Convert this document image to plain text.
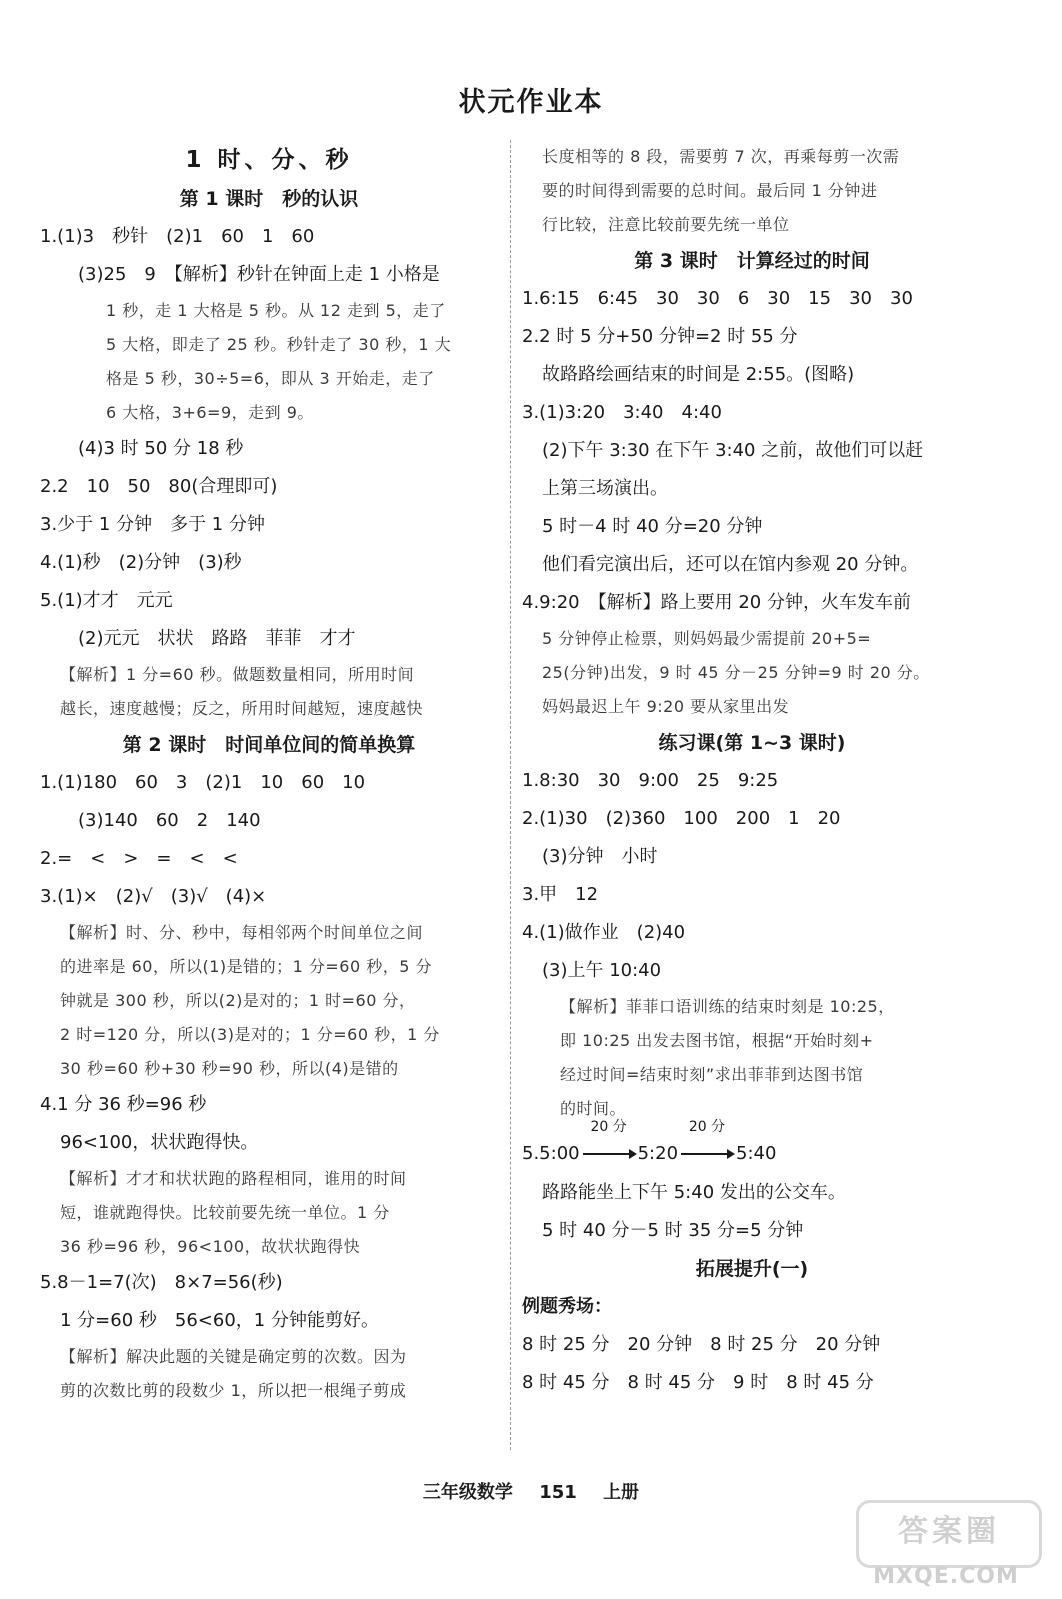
状元作业本
1 时、分、秒
第 1 课时　秒的认识
1.(1)3　秒针　(2)1　60　1　60
(3)25　9　【解析】秒针在钟面上走 1 小格是
1 秒，走 1 大格是 5 秒。从 12 走到 5，走了
5 大格，即走了 25 秒。秒针走了 30 秒，1 大
格是 5 秒，30÷5=6，即从 3 开始走，走了
6 大格，3+6=9，走到 9。
(4)3 时 50 分 18 秒
2.2　10　50　80(合理即可)
3.少于 1 分钟　多于 1 分钟
4.(1)秒　(2)分钟　(3)秒
5.(1)才才　元元
(2)元元　状状　路路　菲菲　才才
【解析】1 分=60 秒。做题数量相同，所用时间
越长，速度越慢；反之，所用时间越短，速度越快
第 2 课时　时间单位间的简单换算
1.(1)180　60　3　(2)1　10　60　10
(3)140　60　2　140
2.=　<　>　=　<　<
3.(1)×　(2)√　(3)√　(4)×
【解析】时、分、秒中，每相邻两个时间单位之间
的进率是 60，所以(1)是错的；1 分=60 秒，5 分
钟就是 300 秒，所以(2)是对的；1 时=60 分，
2 时=120 分，所以(3)是对的；1 分=60 秒，1 分
30 秒=60 秒+30 秒=90 秒，所以(4)是错的
4.1 分 36 秒=96 秒
96<100，状状跑得快。
【解析】才才和状状跑的路程相同，谁用的时间
短，谁就跑得快。比较前要先统一单位。1 分
36 秒=96 秒，96<100，故状状跑得快
5.8－1=7(次)　8×7=56(秒)
1 分=60 秒　56<60，1 分钟能剪好。
【解析】解决此题的关键是确定剪的次数。因为
剪的次数比剪的段数少 1，所以把一根绳子剪成
长度相等的 8 段，需要剪 7 次，再乘每剪一次需
要的时间得到需要的总时间。最后同 1 分钟进
行比较，注意比较前要先统一单位
第 3 课时　计算经过的时间
1.6:15　6:45　30　30　6　30　15　30　30
2.2 时 5 分+50 分钟=2 时 55 分
故路路绘画结束的时间是 2:55。(图略)
3.(1)3:20　3:40　4:40
(2)下午 3:30 在下午 3:40 之前，故他们可以赶
上第三场演出。
5 时－4 时 40 分=20 分钟
他们看完演出后，还可以在馆内参观 20 分钟。
4.9:20　【解析】路上要用 20 分钟，火车发车前
5 分钟停止检票，则妈妈最少需提前 20+5=
25(分钟)出发，9 时 45 分－25 分钟=9 时 20 分。
妈妈最迟上午 9:20 要从家里出发
练习课(第 1~3 课时)
1.8:30　30　9:00　25　9:25
2.(1)30　(2)360　100　200　1　20
(3)分钟　小时
3.甲　12
4.(1)做作业　(2)40
(3)上午 10:40
【解析】菲菲口语训练的结束时刻是 10:25，
即 10:25 出发去图书馆，根据“开始时刻+
经过时间=结束时刻”求出菲菲到达图书馆
的时间。
5.5:00
20 分
5:20
20 分
5:40
路路能坐上下午 5:40 发出的公交车。
5 时 40 分－5 时 35 分=5 分钟
拓展提升(一)
例题秀场：
8 时 25 分　20 分钟　8 时 25 分　20 分钟
8 时 45 分　8 时 45 分　9 时　8 时 45 分
三年级数学 151 上册
答案圈
MXQE.COM
